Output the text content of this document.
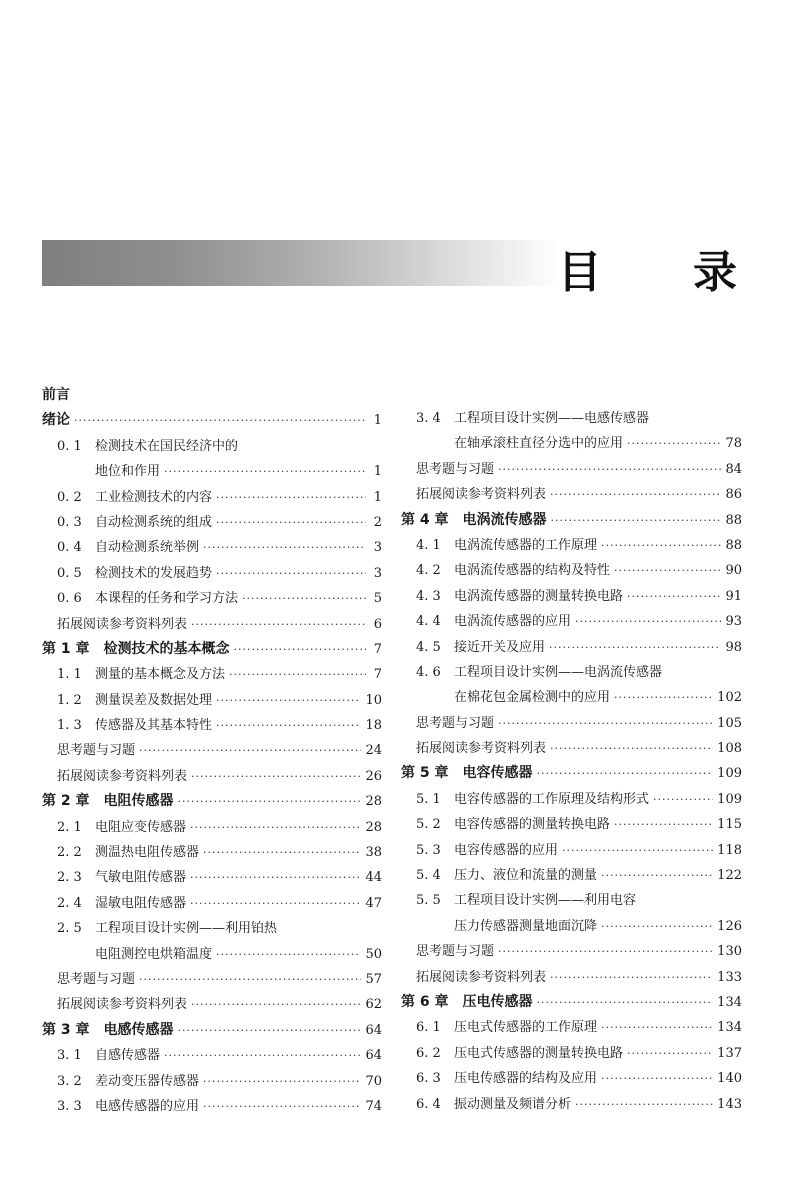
目 录
前言
绪论 ·····	1
0. 1	检测技术在国民经济中的
地位和作用 ·····	1
0. 2	工业检测技术的内容 ·····	1
0. 3	自动检测系统的组成 ·····	2
0. 4	自动检测系统举例 ·····	3
0. 5	检测技术的发展趋势 ·····	3
0. 6	本课程的任务和学习方法 ·····	5
拓展阅读参考资料列表 ·····	6
第 1 章 检测技术的基本概念 ·····	7
1. 1	测量的基本概念及方法 ·····	7
1. 2	测量误差及数据处理 ·····	10
1. 3	传感器及其基本特性 ·····	18
思考题与习题 ·····	24
拓展阅读参考资料列表 ·····	26
第 2 章 电阻传感器 ·····	28
2. 1	电阻应变传感器 ·····	28
2. 2	测温热电阻传感器 ·····	38
2. 3	气敏电阻传感器 ·····	44
2. 4	湿敏电阻传感器 ·····	47
2. 5	工程项目设计实例——利用铂热
电阻测控电烘箱温度 ·····	50
思考题与习题 ·····	57
拓展阅读参考资料列表 ·····	62
第 3 章 电感传感器 ·····	64
3. 1	自感传感器 ·····	64
3. 2	差动变压器传感器 ·····	70
3. 3	电感传感器的应用 ·····	74
3. 4	工程项目设计实例——电感传感器
在轴承滚柱直径分选中的应用 ·····	78
思考题与习题 ·····	84
拓展阅读参考资料列表 ·····	86
第 4 章 电涡流传感器 ·····	88
4. 1	电涡流传感器的工作原理 ·····	88
4. 2	电涡流传感器的结构及特性 ·····	90
4. 3	电涡流传感器的测量转换电路 ·····	91
4. 4	电涡流传感器的应用 ·····	93
4. 5	接近开关及应用 ·····	98
4. 6	工程项目设计实例——电涡流传感器
在棉花包金属检测中的应用 ·····	102
思考题与习题 ·····	105
拓展阅读参考资料列表 ·····	108
第 5 章 电容传感器 ·····	109
5. 1	电容传感器的工作原理及结构形式 ·····	109
5. 2	电容传感器的测量转换电路 ·····	115
5. 3	电容传感器的应用 ·····	118
5. 4	压力、液位和流量的测量 ·····	122
5. 5	工程项目设计实例——利用电容
压力传感器测量地面沉降 ·····	126
思考题与习题 ·····	130
拓展阅读参考资料列表 ·····	133
第 6 章 压电传感器 ·····	134
6. 1	压电式传感器的工作原理 ·····	134
6. 2	压电式传感器的测量转换电路 ·····	137
6. 3	压电传感器的结构及应用 ·····	140
6. 4	振动测量及频谱分析 ·····	143
